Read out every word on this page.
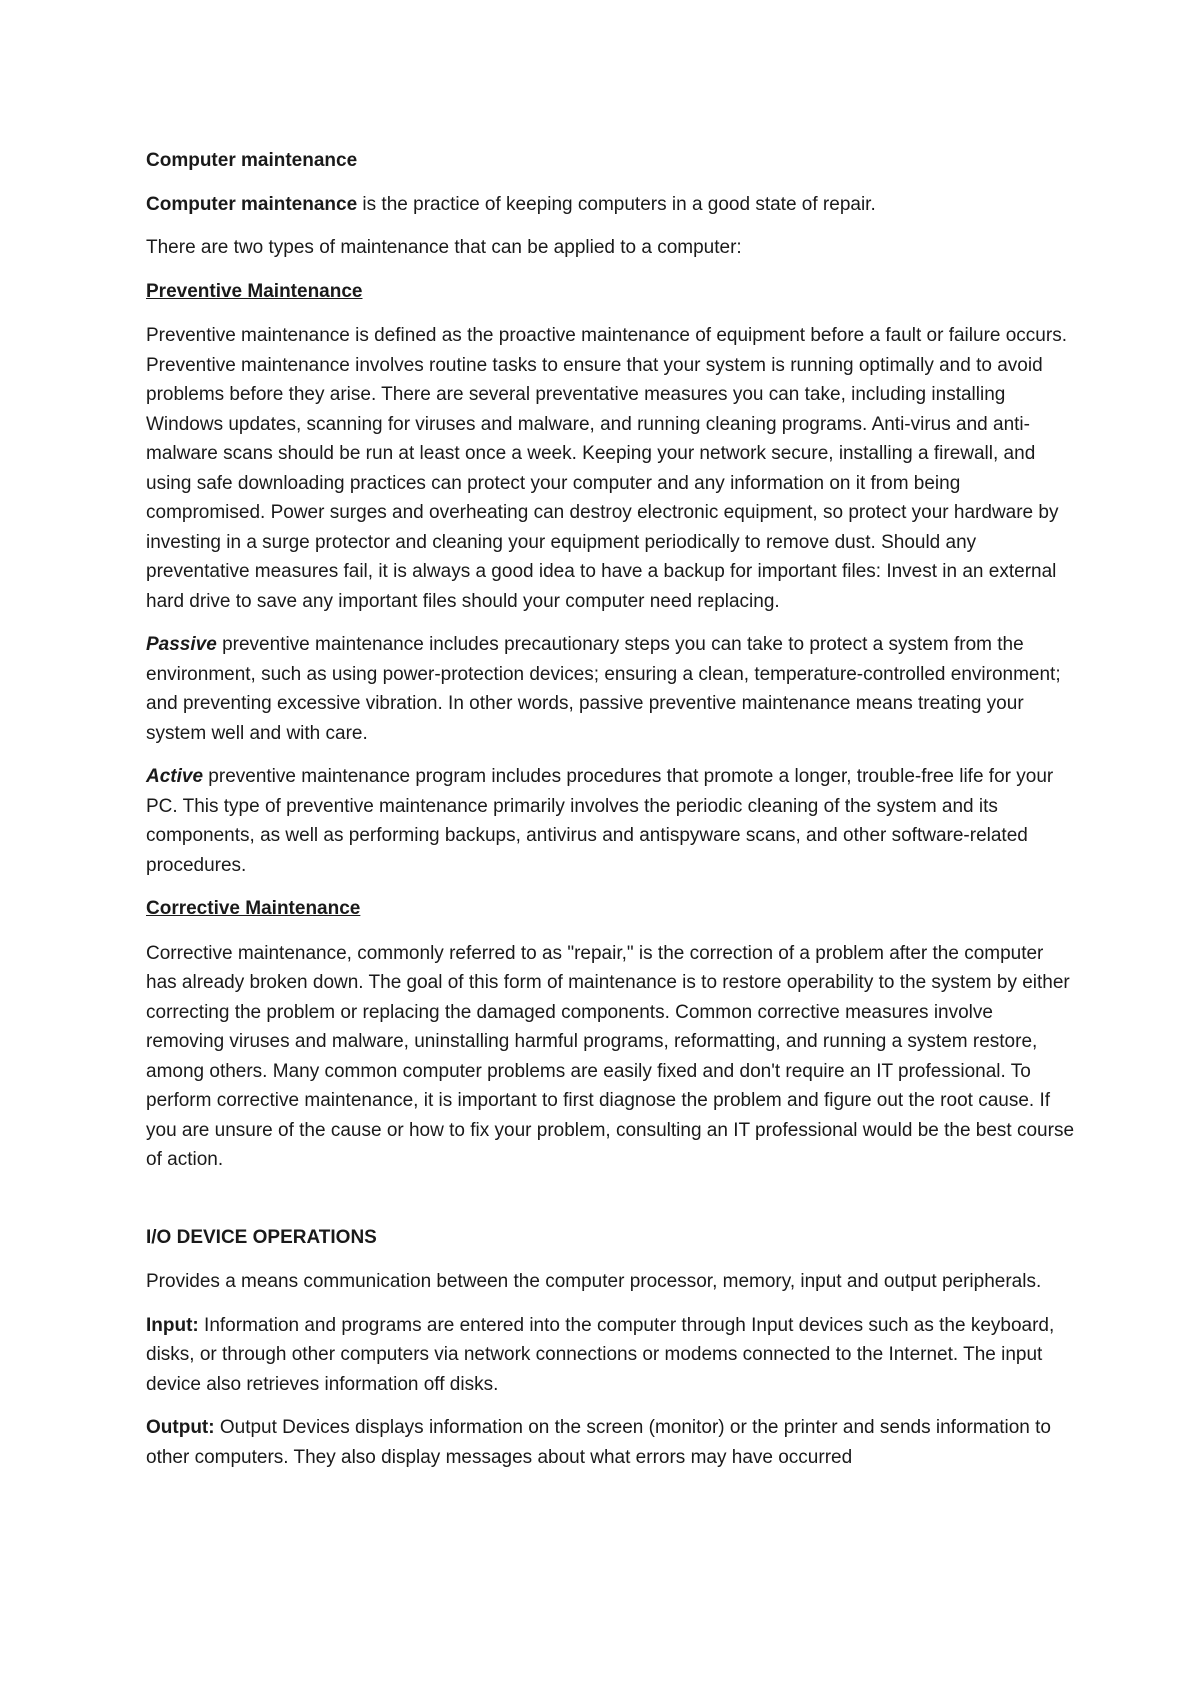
Computer maintenance

Computer maintenance is the practice of keeping computers in a good state of repair.

There are two types of maintenance that can be applied to a computer:

Preventive Maintenance

Preventive maintenance is defined as the proactive maintenance of equipment before a fault or failure occurs. Preventive maintenance involves routine tasks to ensure that your system is running optimally and to avoid problems before they arise. There are several preventative measures you can take, including installing Windows updates, scanning for viruses and malware, and running cleaning programs. Anti-virus and anti-malware scans should be run at least once a week. Keeping your network secure, installing a firewall, and using safe downloading practices can protect your computer and any information on it from being compromised. Power surges and overheating can destroy electronic equipment, so protect your hardware by investing in a surge protector and cleaning your equipment periodically to remove dust. Should any preventative measures fail, it is always a good idea to have a backup for important files: Invest in an external hard drive to save any important files should your computer need replacing.

Passive preventive maintenance includes precautionary steps you can take to protect a system from the environment, such as using power-protection devices; ensuring a clean, temperature-controlled environment; and preventing excessive vibration. In other words, passive preventive maintenance means treating your system well and with care.

Active preventive maintenance program includes procedures that promote a longer, trouble-free life for your PC. This type of preventive maintenance primarily involves the periodic cleaning of the system and its components, as well as performing backups, antivirus and antispyware scans, and other software-related procedures.

Corrective Maintenance

Corrective maintenance, commonly referred to as "repair," is the correction of a problem after the computer has already broken down. The goal of this form of maintenance is to restore operability to the system by either correcting the problem or replacing the damaged components. Common corrective measures involve removing viruses and malware, uninstalling harmful programs, reformatting, and running a system restore, among others. Many common computer problems are easily fixed and don't require an IT professional. To perform corrective maintenance, it is important to first diagnose the problem and figure out the root cause. If you are unsure of the cause or how to fix your problem, consulting an IT professional would be the best course of action.

I/O DEVICE OPERATIONS

Provides a means communication between the computer processor, memory, input and output peripherals.

Input: Information and programs are entered into the computer through Input devices such as the keyboard, disks, or through other computers via network connections or modems connected to the Internet. The input device also retrieves information off disks.

Output: Output Devices displays information on the screen (monitor) or the printer and sends information to other computers. They also display messages about what errors may have occurred
